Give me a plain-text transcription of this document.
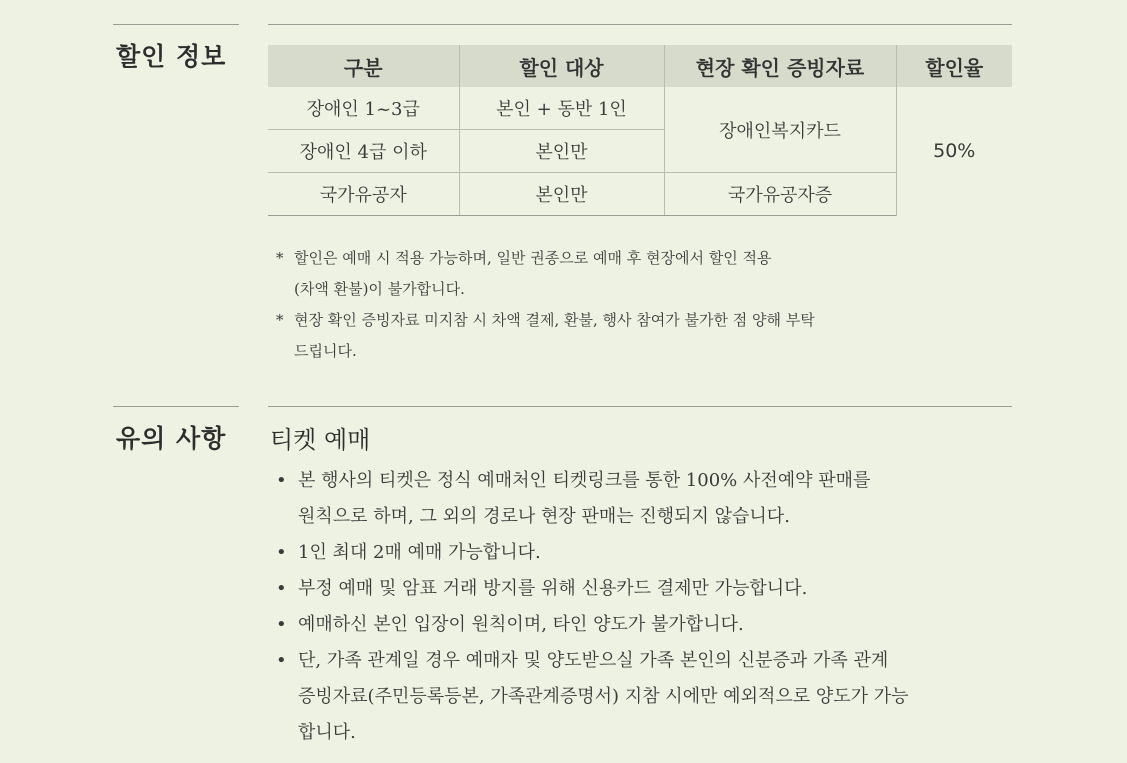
할인 정보	구분	할인 대상	현장 확인 증빙자료	할인율
장애인 1~3급	본인 + 동반 1인	장애인복지카드	50%
장애인 4급 이하	본인만		
국가유공자	본인만	국가유공자증	
* 할인은 예매 시 적용 가능하며, 일반 권종으로 예매 후 현장에서 할인 적용
(차액 환불)이 불가합니다.
* 현장 확인 증빙자료 미지참 시 차액 결제, 환불, 행사 참여가 불가한 점 양해 부탁
드립니다.
유의 사항 티켓 예매
• 본 행사의 티켓은 정식 예매처인 티켓링크를 통한 100% 사전예약 판매를
원칙으로 하며, 그 외의 경로나 현장 판매는 진행되지 않습니다.
• 1인 최대 2매 예매 가능합니다.
• 부정 예매 및 암표 거래 방지를 위해 신용카드 결제만 가능합니다.
• 예매하신 본인 입장이 원칙이며, 타인 양도가 불가합니다.
• 단, 가족 관계일 경우 예매자 및 양도받으실 가족 본인의 신분증과 가족 관계
증빙자료(주민등록등본, 가족관계증명서) 지참 시에만 예외적으로 양도가 가능
합니다.
